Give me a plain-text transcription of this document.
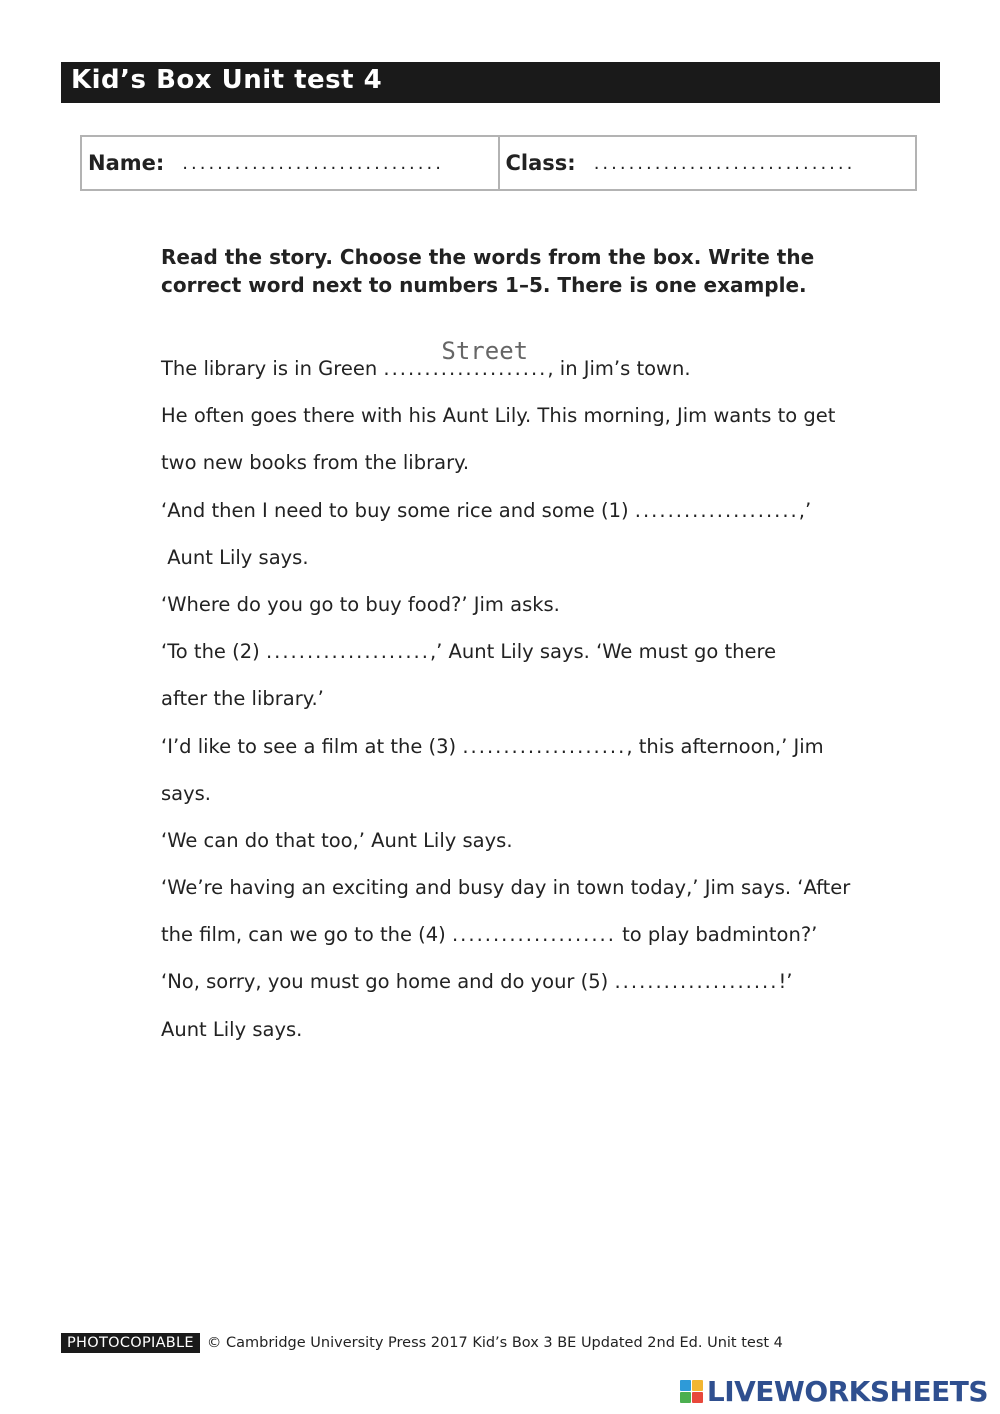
Kid’s Box Unit test 4
Name: ..............................	Class: ..............................
Read the story. Choose the words from the box. Write the correct word next to numbers 1–5. There is one example.
The library is in Green ....................
Street
, in Jim’s town.
He often goes there with his Aunt Lily. This morning, Jim wants to get
two new books from the library.
‘And then I need to buy some rice and some (1) ....................,’
Aunt Lily says.
‘Where do you go to buy food?’ Jim asks.
‘To the (2) ....................,’ Aunt Lily says. ‘We must go there
after the library.’
‘I’d like to see a film at the (3) ...................., this afternoon,’ Jim
says.
‘We can do that too,’ Aunt Lily says.
‘We’re having an exciting and busy day in town today,’ Jim says. ‘After
the film, can we go to the (4) .................... to play badminton?’
‘No, sorry, you must go home and do your (5) ....................!’
Aunt Lily says.
PHOTOCOPIABLE © Cambridge University Press 2017 Kid’s Box 3 BE Updated 2nd Ed. Unit test 4
LIVEWORKSHEETS
